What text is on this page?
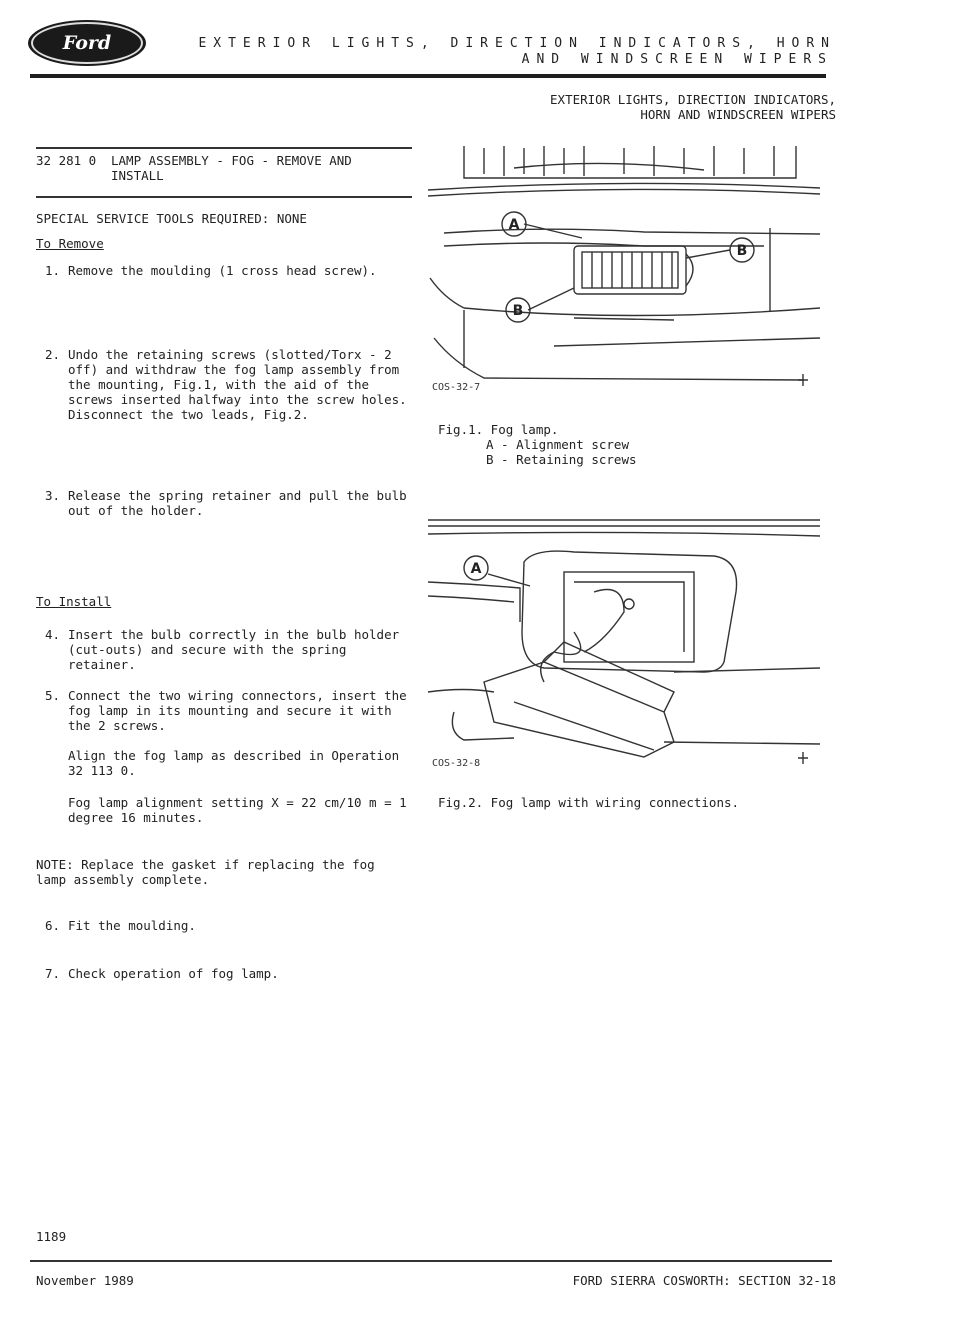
Ford	EXTERIOR LIGHTS, DIRECTION INDICATORS, HORN
AND WINDSCREEN WIPERS
EXTERIOR LIGHTS, DIRECTION INDICATORS,
HORN AND WINDSCREEN WIPERS
32 281 0 LAMP ASSEMBLY - FOG - REMOVE AND
INSTALL
SPECIAL SERVICE TOOLS REQUIRED: NONE
To Remove
1. Remove the moulding (1 cross head screw).
2. Undo the retaining screws (slotted/Torx - 2 off) and withdraw the fog lamp assembly from the mounting, Fig.1, with the aid of the screws inserted halfway into the screw holes. Disconnect the two leads, Fig.2.
3. Release the spring retainer and pull the bulb out of the holder.
To Install
4. Insert the bulb correctly in the bulb holder (cut-outs) and secure with the spring retainer.
5. Connect the two wiring connectors, insert the fog lamp in its mounting and secure it with the 2 screws.
Align the fog lamp as described in Operation 32 113 0.
Fog lamp alignment setting X = 22 cm/10 m = 1 degree 16 minutes.
NOTE: Replace the gasket if replacing the fog lamp assembly complete.
6. Fit the moulding.
7. Check operation of fog lamp.
A
B
B
COS-32-7
Fig.1. Fog lamp.
A - Alignment screw
B - Retaining screws
A
COS-32-8
Fig.2. Fog lamp with wiring connections.
1189
November 1989	FORD SIERRA COSWORTH: SECTION 32-18
